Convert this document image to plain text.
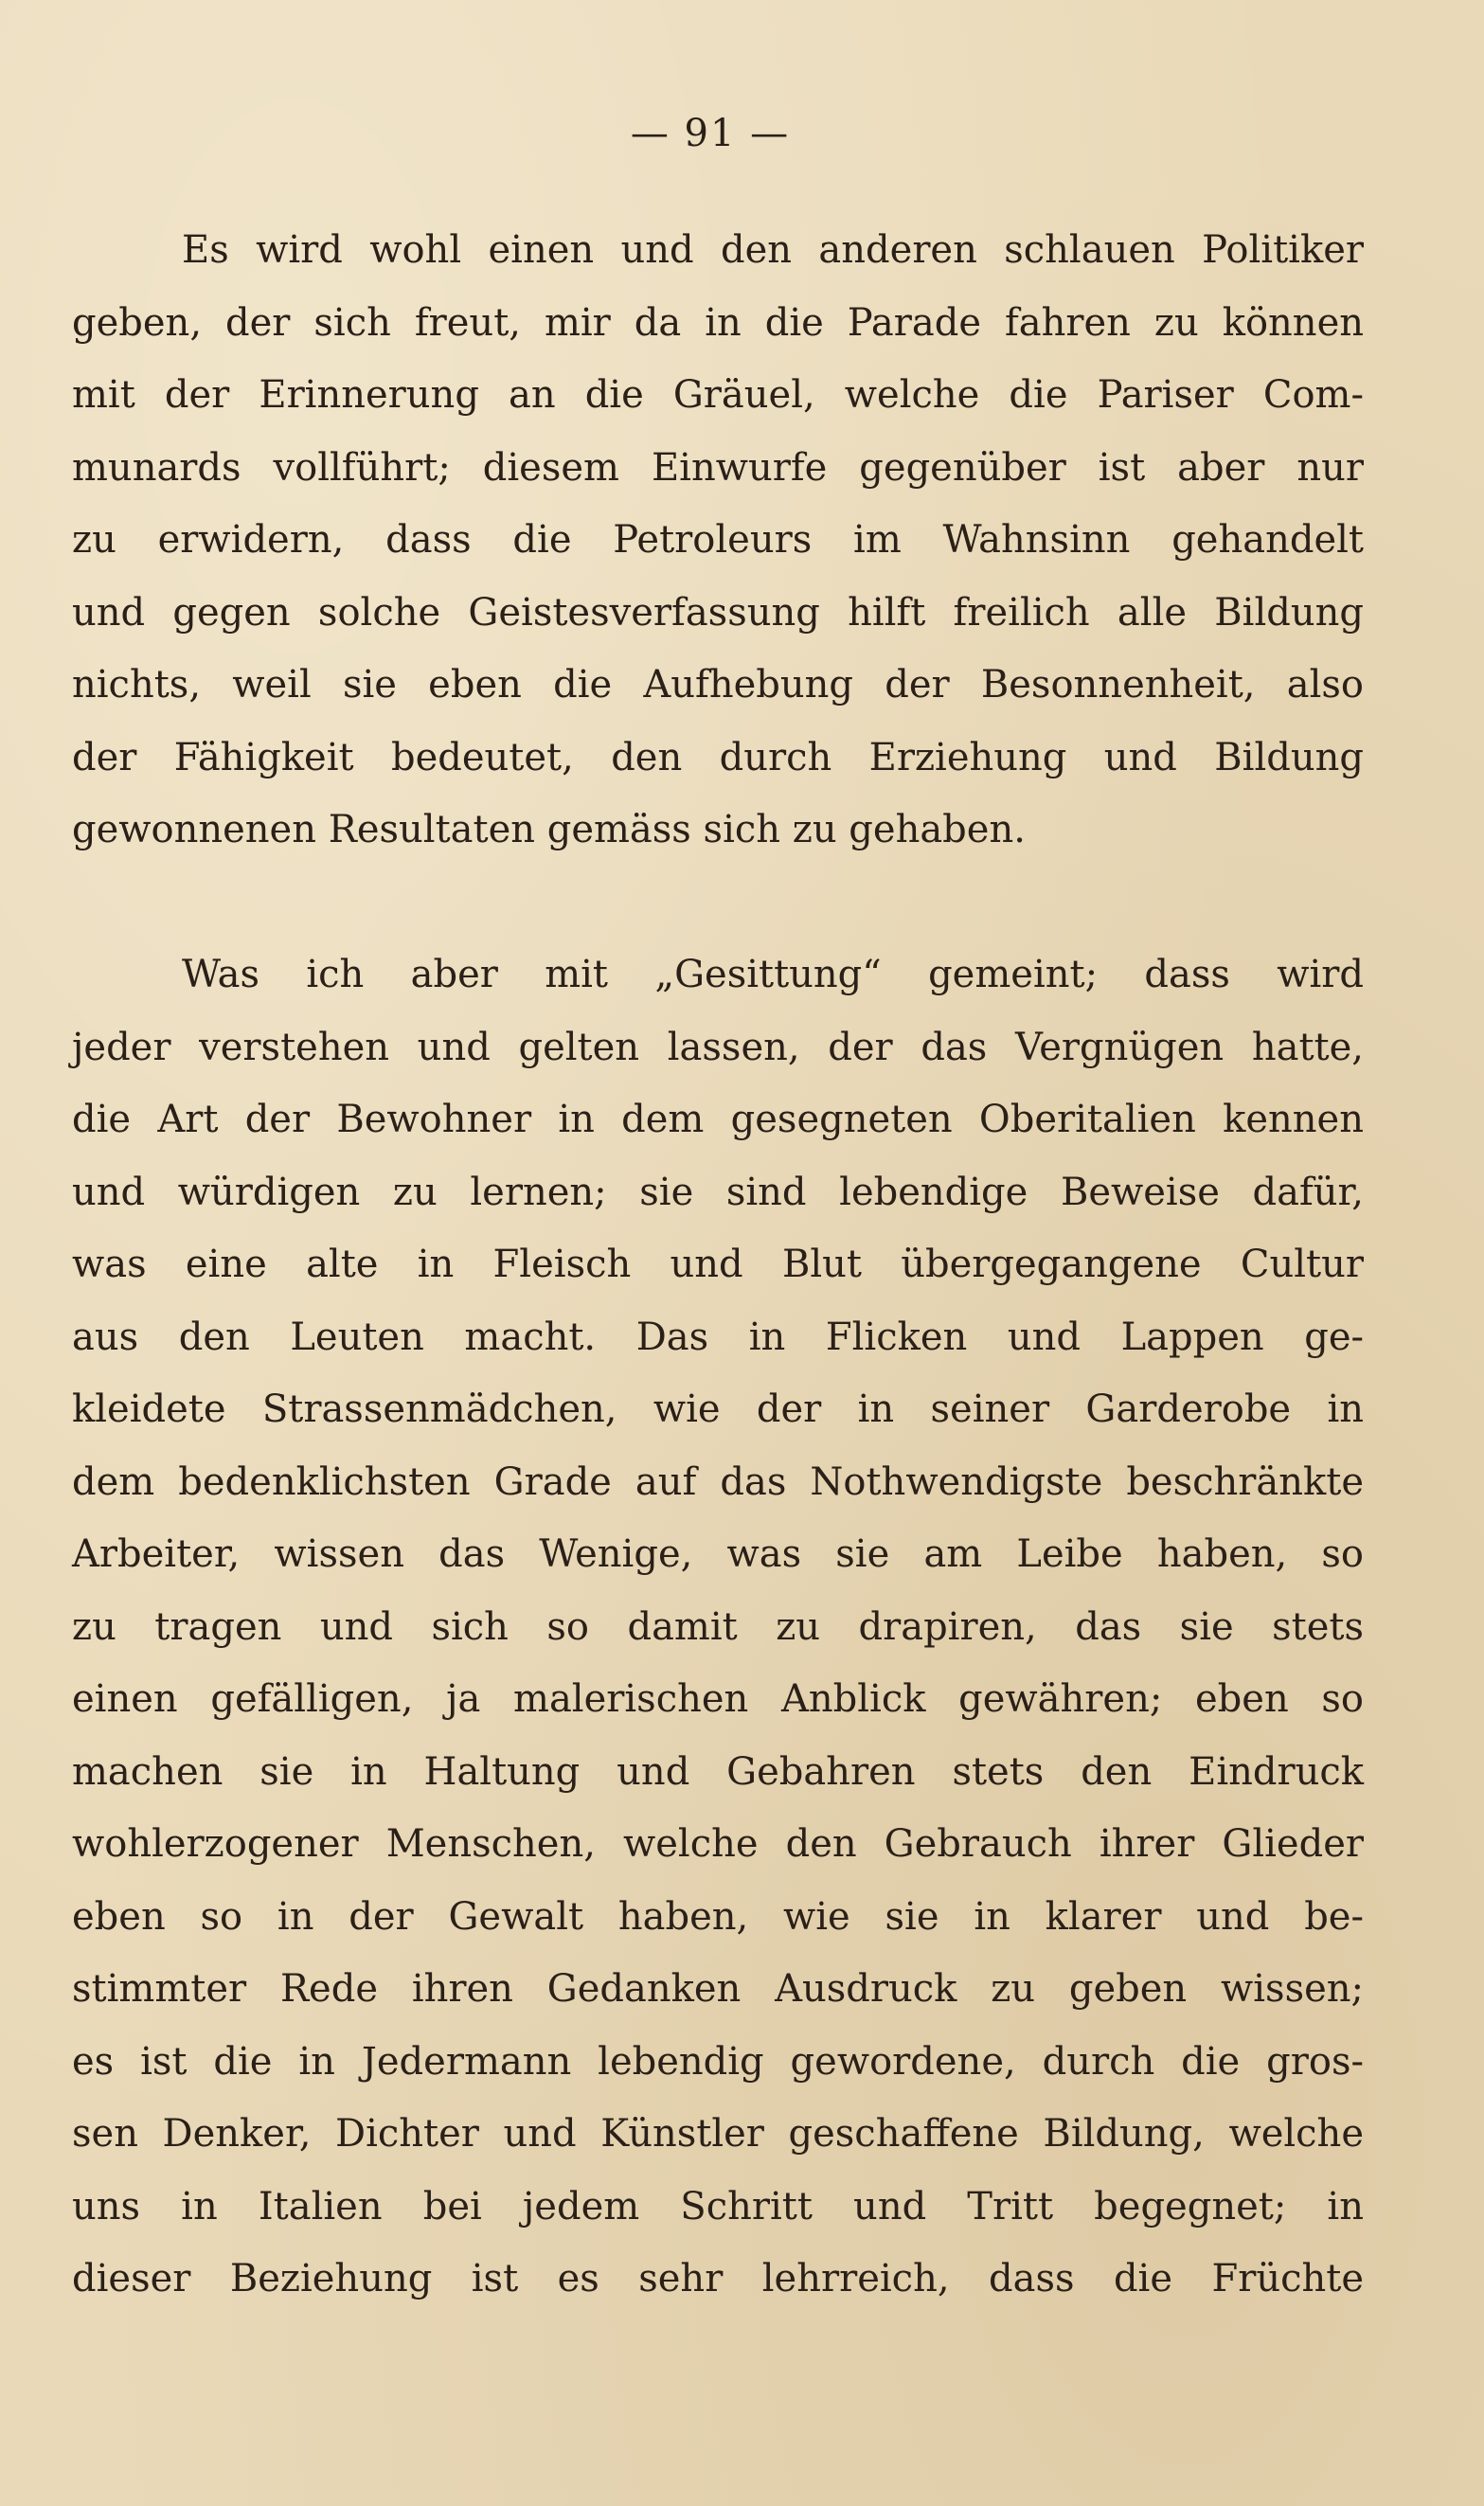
— 91 —
Es wird wohl einen und den anderen schlauen Politiker
geben, der sich freut, mir da in die Parade fahren zu können
mit der Erinnerung an die Gräuel, welche die Pariser Com-
munards vollführt; diesem Einwurfe gegenüber ist aber nur
zu erwidern, dass die Petroleurs im Wahnsinn gehandelt
und gegen solche Geistesverfassung hilft freilich alle Bildung
nichts, weil sie eben die Aufhebung der Besonnenheit, also
der Fähigkeit bedeutet, den durch Erziehung und Bildung
gewonnenen Resultaten gemäss sich zu gehaben.
Was ich aber mit „Gesittung“ gemeint; dass wird
jeder verstehen und gelten lassen, der das Vergnügen hatte,
die Art der Bewohner in dem gesegneten Oberitalien kennen
und würdigen zu lernen; sie sind lebendige Beweise dafür,
was eine alte in Fleisch und Blut übergegangene Cultur
aus den Leuten macht. Das in Flicken und Lappen ge-
kleidete Strassenmädchen, wie der in seiner Garderobe in
dem bedenklichsten Grade auf das Nothwendigste beschränkte
Arbeiter, wissen das Wenige, was sie am Leibe haben, so
zu tragen und sich so damit zu drapiren, das sie stets
einen gefälligen, ja malerischen Anblick gewähren; eben so
machen sie in Haltung und Gebahren stets den Eindruck
wohlerzogener Menschen, welche den Gebrauch ihrer Glieder
eben so in der Gewalt haben, wie sie in klarer und be-
stimmter Rede ihren Gedanken Ausdruck zu geben wissen;
es ist die in Jedermann lebendig gewordene, durch die gros-
sen Denker, Dichter und Künstler geschaffene Bildung, welche
uns in Italien bei jedem Schritt und Tritt begegnet; in
dieser Beziehung ist es sehr lehrreich, dass die Früchte
